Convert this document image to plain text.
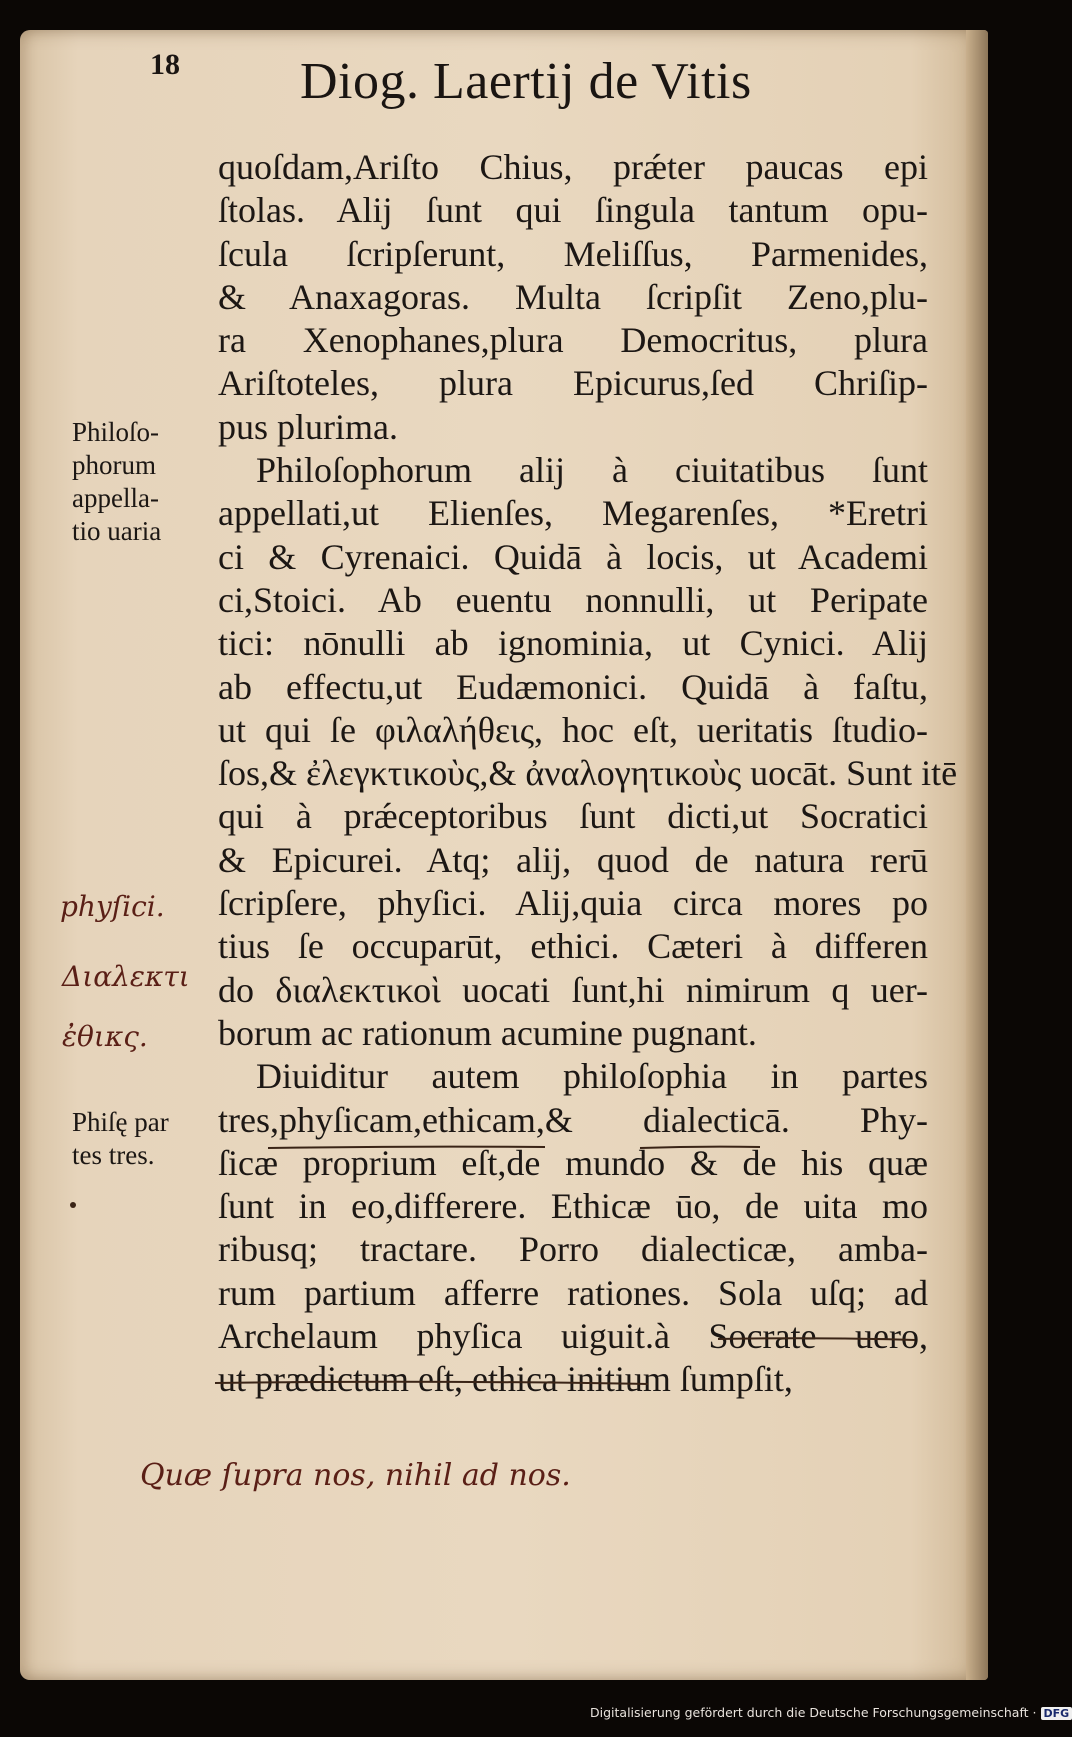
18 Diog. Laertij de Vitis
quoſdam,Ariſto Chius, prǽter paucas epi
ſtolas. Alij ſunt qui ſingula tantum opu-
ſcula ſcripſerunt, Meliſſus, Parmenides,
& Anaxagoras. Multa ſcripſit Zeno,plu-
ra Xenophanes,plura Democritus, plura
Ariſtoteles, plura Epicurus,ſed Chriſip-
pus plurima.
Philoſophorum alij à ciuitatibus ſunt
appellati,ut Elienſes, Megarenſes, *Eretri
ci & Cyrenaici. Quidā à locis, ut Academi
ci,Stoici. Ab euentu nonnulli, ut Peripate
tici: nōnulli ab ignominia, ut Cynici. Alij
ab effectu,ut Eudæmonici. Quidā à faſtu,
ut qui ſe φιλαλήθεις, hoc eſt, ueritatis ſtudio-
ſos,& ἐλεγκτικοὺς,& ἀναλογητικοὺς uocāt. Sunt itē
qui à prǽceptoribus ſunt dicti,ut Socratici
& Epicurei. Atq; alij, quod de natura rerū
ſcripſere, phyſici. Alij,quia circa mores po
tius ſe occuparūt, ethici. Cæteri à differen
do διαλεκτικοὶ uocati ſunt,hi nimirum q uer-
borum ac rationum acumine pugnant.
Diuiditur autem philoſophia in partes
tres,phyſicam,ethicam,& dialecticā. Phy-
ſicæ proprium eſt,de mundo & de his quæ
ſunt in eo,differere. Ethicæ ūo, de uita mo
ribusq; tractare. Porro dialecticæ, amba-
rum partium afferre rationes. Sola uſq; ad
Archelaum phyſica uiguit.à Socrate uero,
ut prædictum eſt, ethica initium ſumpſit,
Philoſo-
phorum
appella-
tio uaria
Phiſę par
tes tres.
phyſici.
Διαλεκτι
ἐθικς.
Quæ ſupra nos, nihil ad nos.
Digitalisierung gefördert durch die Deutsche Forschungsgemeinschaft · DFG
